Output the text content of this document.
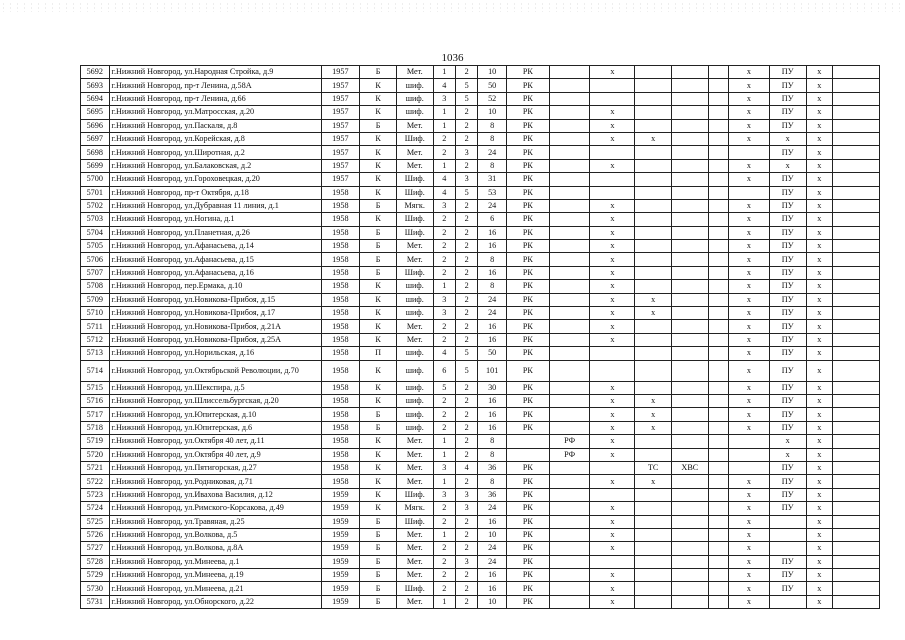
1036
5692	г.Нижний Новгород, ул.Народная Стройка, д.9	1957	Б	Мет.	1	2	10	РК		х				х	ПУ	х	
5693	г.Нижний Новгород, пр-т Ленина, д.58А	1957	К	шиф.	4	5	50	РК						х	ПУ	х	
5694	г.Нижний Новгород, пр-т Ленина, д.66	1957	К	шиф.	3	5	52	РК						х	ПУ	х	
5695	г.Нижний Новгород, ул.Матросская, д.20	1957	К	шиф.	1	2	10	РК		х				х	ПУ	х	
5696	г.Нижний Новгород, ул.Паскаля, д.8	1957	Б	Мет.	1	2	8	РК		х				х	ПУ	х	
5697	г.Нижний Новгород, ул.Корейская, д.8	1957	К	Шиф.	2	2	8	РК		х	х			х	х	х	
5698	г.Нижний Новгород, ул.Широтная, д.2	1957	К	Мет.	2	3	24	РК							ПУ	х	
5699	г.Нижний Новгород, ул.Балаковская, д.2	1957	К	Мет.	1	2	8	РК		х				х	х	х	
5700	г.Нижний Новгород, ул.Гороховецкая, д.20	1957	К	Шиф.	4	3	31	РК						х	ПУ	х	
5701	г.Нижний Новгород, пр-т Октября, д.18	1958	К	Шиф.	4	5	53	РК							ПУ	х	
5702	г.Нижний Новгород, ул.Дубравная 11 линия, д.1	1958	Б	Мягк.	3	2	24	РК		х				х	ПУ	х	
5703	г.Нижний Новгород, ул.Ногина, д.1	1958	К	Шиф.	2	2	6	РК		х				х	ПУ	х	
5704	г.Нижний Новгород, ул.Планетная, д.26	1958	Б	Шиф.	2	2	16	РК		х				х	ПУ	х	
5705	г.Нижний Новгород, ул.Афанасьева, д.14	1958	Б	Мет.	2	2	16	РК		х				х	ПУ	х	
5706	г.Нижний Новгород, ул.Афанасьева, д.15	1958	Б	Мет.	2	2	8	РК		х				х	ПУ	х	
5707	г.Нижний Новгород, ул.Афанасьева, д.16	1958	Б	Шиф.	2	2	16	РК		х				х	ПУ	х	
5708	г.Нижний Новгород, пер.Ермака, д.10	1958	К	шиф.	1	2	8	РК		х				х	ПУ	х	
5709	г.Нижний Новгород, ул.Новикова-Прибоя, д.15	1958	К	шиф.	3	2	24	РК		х	х			х	ПУ	х	
5710	г.Нижний Новгород, ул.Новикова-Прибоя, д.17	1958	К	шиф.	3	2	24	РК		х	х			х	ПУ	х	
5711	г.Нижний Новгород, ул.Новикова-Прибоя, д.21А	1958	К	Мет.	2	2	16	РК		х				х	ПУ	х	
5712	г.Нижний Новгород, ул.Новикова-Прибоя, д.25А	1958	К	Мет.	2	2	16	РК		х				х	ПУ	х	
5713	г.Нижний Новгород, ул.Норильская, д.16	1958	П	шиф.	4	5	50	РК						х	ПУ	х	
5714	г.Нижний Новгород, ул.Октябрьской Революции, д.70	1958	К	шиф.	6	5	101	РК						х	ПУ	х	
5715	г.Нижний Новгород, ул.Шекспира, д.5	1958	К	шиф.	5	2	30	РК		х				х	ПУ	х	
5716	г.Нижний Новгород, ул.Шлиссельбургская, д.20	1958	К	шиф.	2	2	16	РК		х	х			х	ПУ	х	
5717	г.Нижний Новгород, ул.Юпитерская, д.10	1958	Б	шиф.	2	2	16	РК		х	х			х	ПУ	х	
5718	г.Нижний Новгород, ул.Юпитерская, д.6	1958	Б	шиф.	2	2	16	РК		х	х			х	ПУ	х	
5719	г.Нижний Новгород, ул.Октября 40 лет, д.11	1958	К	Мет.	1	2	8		РФ	х					х	х	
5720	г.Нижний Новгород, ул.Октября 40 лет, д.9	1958	К	Мет.	1	2	8		РФ	х					х	х	
5721	г.Нижний Новгород, ул.Пятигорская, д.27	1958	К	Мет.	3	4	36	РК			ТС	ХВС			ПУ	х	
5722	г.Нижний Новгород, ул.Родниковая, д.71	1958	К	Мет.	1	2	8	РК		х	х			х	ПУ	х	
5723	г.Нижний Новгород, ул.Ивахова Василия, д.12	1959	К	Шиф.	3	3	36	РК						х	ПУ	х	
5724	г.Нижний Новгород, ул.Римского-Корсакова, д.49	1959	К	Мягк.	2	3	24	РК		х				х	ПУ	х	
5725	г.Нижний Новгород, ул.Травяная, д.25	1959	Б	Шиф.	2	2	16	РК		х				х		х	
5726	г.Нижний Новгород, ул.Волкова, д.5	1959	Б	Мет.	1	2	10	РК		х				х		х	
5727	г.Нижний Новгород, ул.Волкова, д.8А	1959	Б	Мет.	2	2	24	РК		х				х		х	
5728	г.Нижний Новгород, ул.Минеева, д.1	1959	Б	Мет.	2	3	24	РК						х	ПУ	х	
5729	г.Нижний Новгород, ул.Минеева, д.19	1959	Б	Мет.	2	2	16	РК		х				х	ПУ	х	
5730	г.Нижний Новгород, ул.Минеева, д.21	1959	Б	Шиф.	2	2	16	РК		х				х	ПУ	х	
5731	г.Нижний Новгород, ул.Обнорского, д.22	1959	Б	Мет.	1	2	10	РК		х				х		х	
